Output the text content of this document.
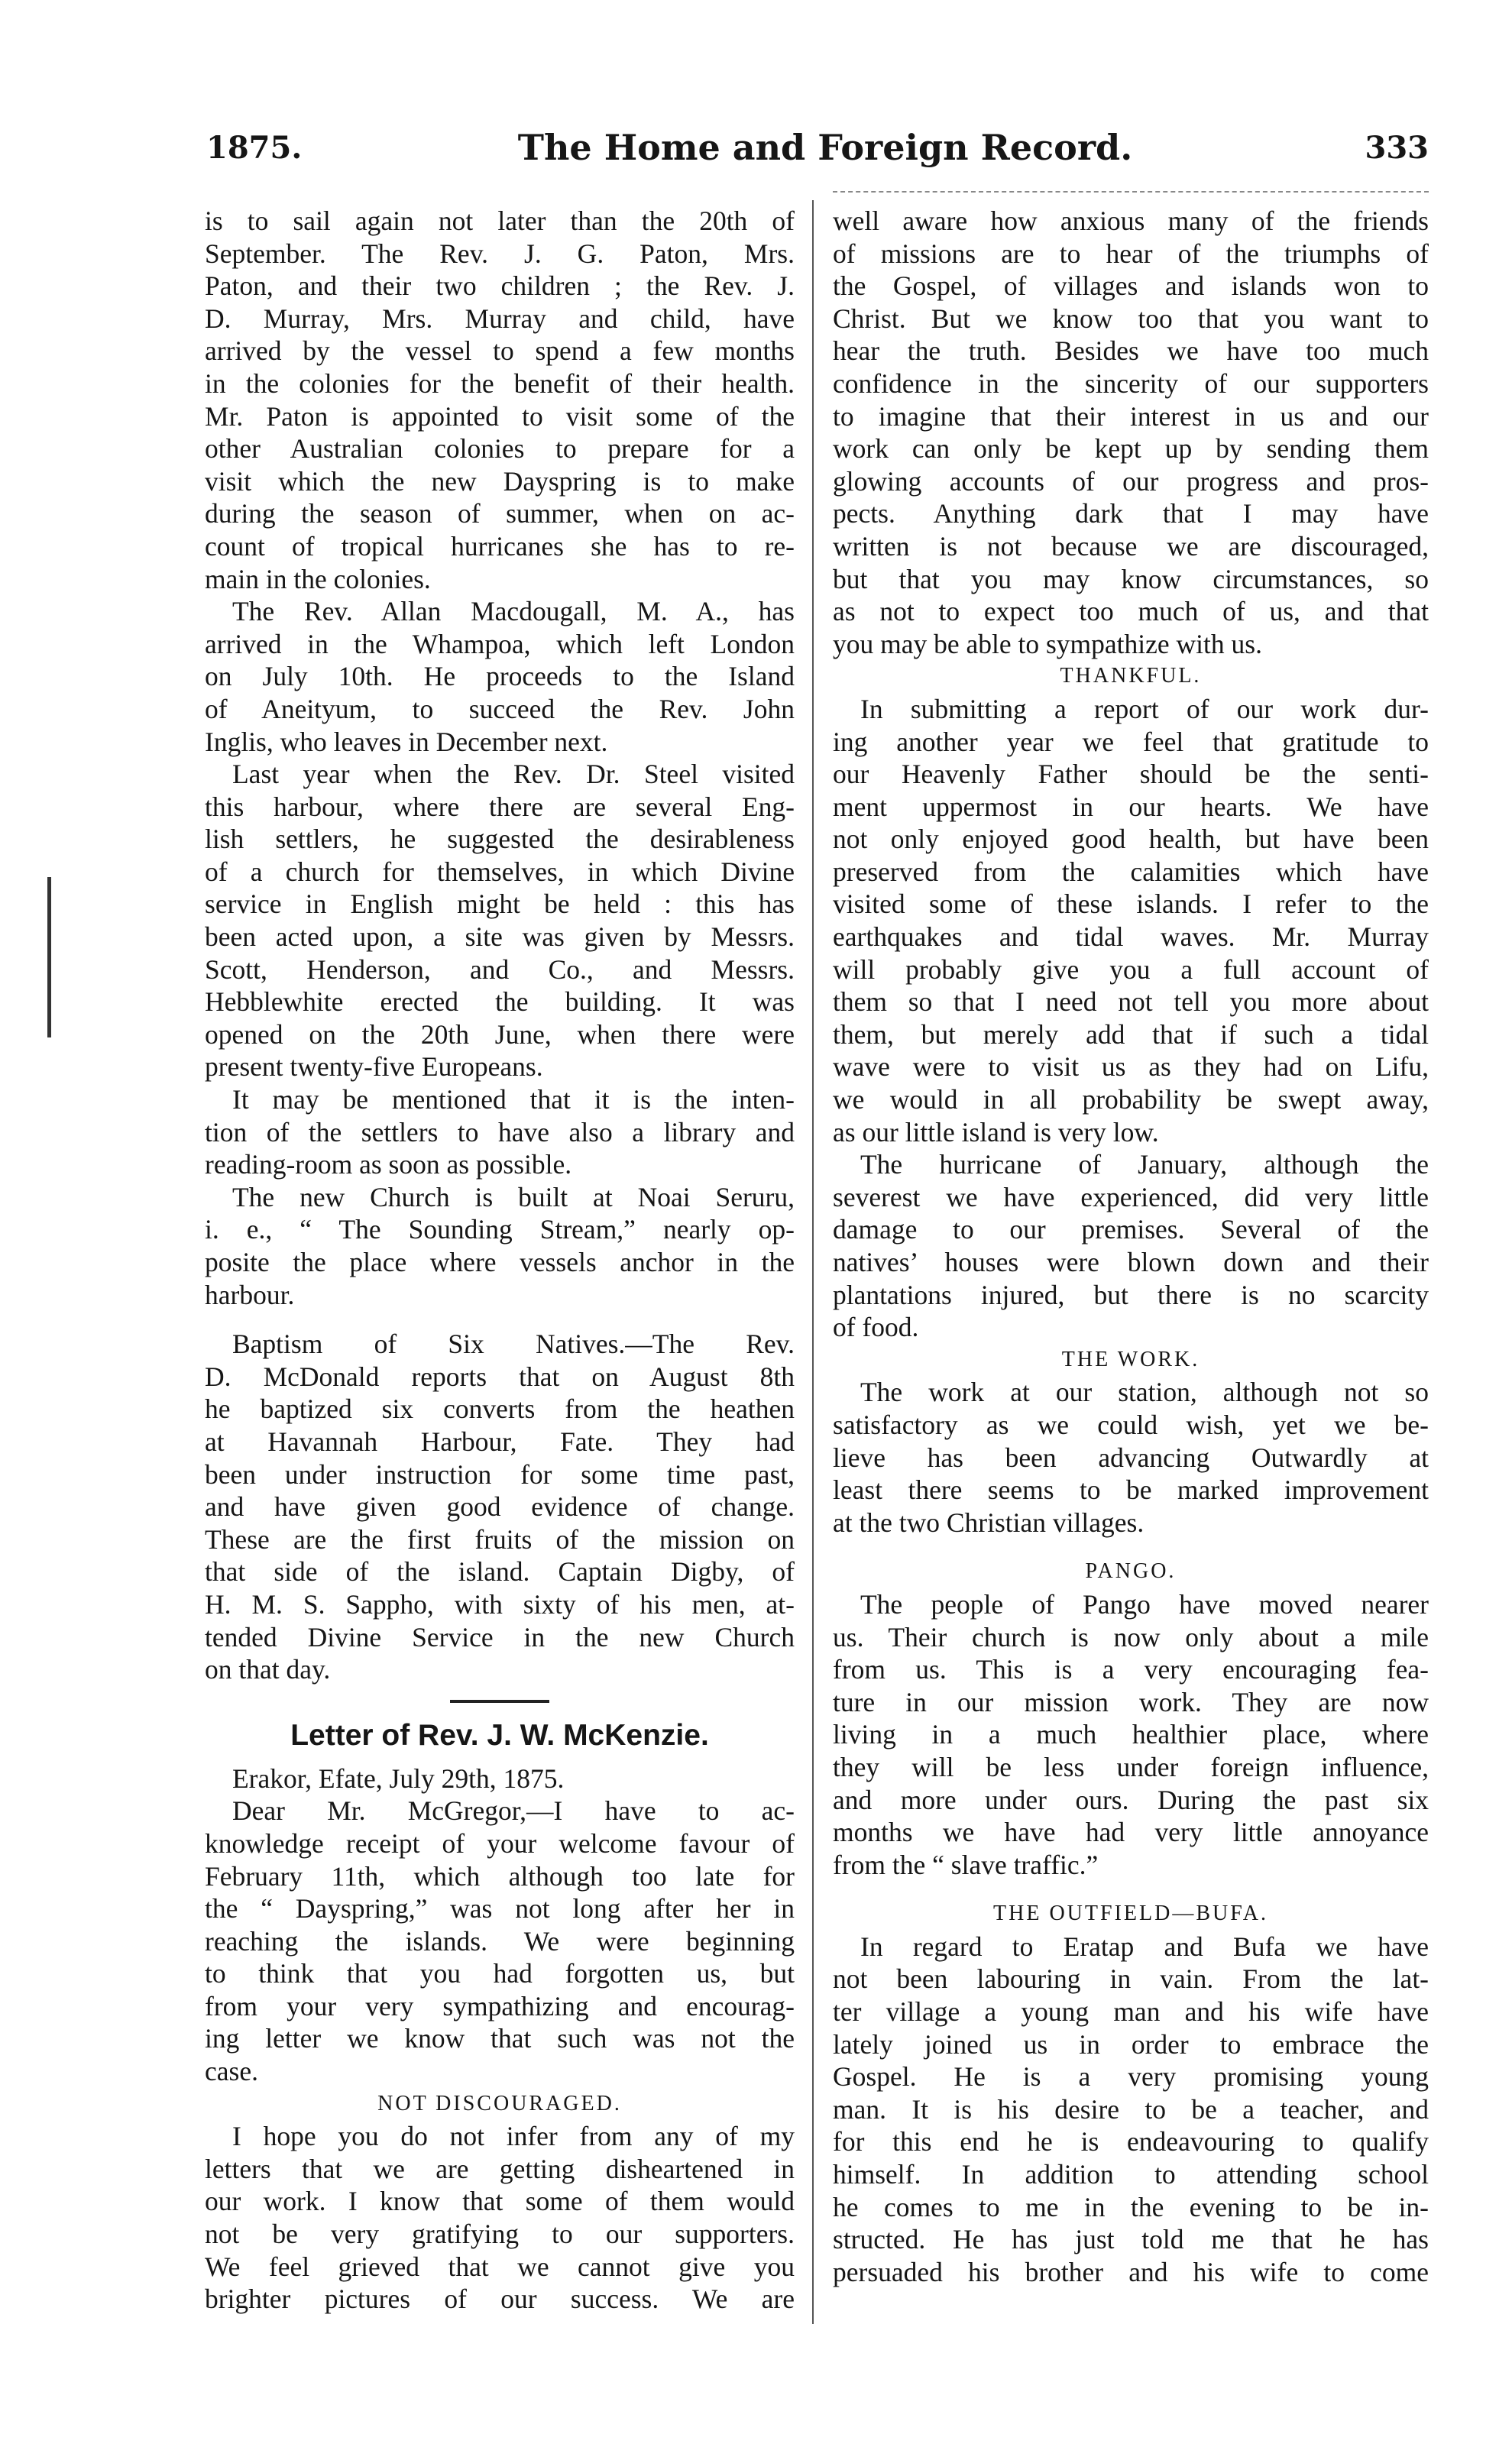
1875.	The Home and Foreign Record.	333
is to sail again not later than the 20th of
September. The Rev. J. G. Paton, Mrs.
Paton, and their two children ; the Rev. J.
D. Murray, Mrs. Murray and child, have
arrived by the vessel to spend a few months
in the colonies for the benefit of their health.
Mr. Paton is appointed to visit some of the
other Australian colonies to prepare for a
visit which the new Dayspring is to make
during the season of summer, when on ac-
count of tropical hurricanes she has to re-
main in the colonies.
The Rev. Allan Macdougall, M. A., has
arrived in the Whampoa, which left London
on July 10th. He proceeds to the Island
of Aneityum, to succeed the Rev. John
Inglis, who leaves in December next.
Last year when the Rev. Dr. Steel visited
this harbour, where there are several Eng-
lish settlers, he suggested the desirableness
of a church for themselves, in which Divine
service in English might be held : this has
been acted upon, a site was given by Messrs.
Scott, Henderson, and Co., and Messrs.
Hebblewhite erected the building. It was
opened on the 20th June, when there were
present twenty-five Europeans.
It may be mentioned that it is the inten-
tion of the settlers to have also a library and
reading-room as soon as possible.
The new Church is built at Noai Seruru,
i. e., “ The Sounding Stream,” nearly op-
posite the place where vessels anchor in the
harbour.
Baptism of Six Natives.—The Rev.
D. McDonald reports that on August 8th
he baptized six converts from the heathen
at Havannah Harbour, Fate. They had
been under instruction for some time past,
and have given good evidence of change.
These are the first fruits of the mission on
that side of the island. Captain Digby, of
H. M. S. Sappho, with sixty of his men, at-
tended Divine Service in the new Church
on that day.
Letter of Rev. J. W. McKenzie.
Erakor, Efate, July 29th, 1875.
Dear Mr. McGregor,—I have to ac-
knowledge receipt of your welcome favour of
February 11th, which although too late for
the “ Dayspring,” was not long after her in
reaching the islands. We were beginning
to think that you had forgotten us, but
from your very sympathizing and encourag-
ing letter we know that such was not the
case.
NOT DISCOURAGED.
I hope you do not infer from any of my
letters that we are getting disheartened in
our work. I know that some of them would
not be very gratifying to our supporters.
We feel grieved that we cannot give you
brighter pictures of our success. We are
well aware how anxious many of the friends
of missions are to hear of the triumphs of
the Gospel, of villages and islands won to
Christ. But we know too that you want to
hear the truth. Besides we have too much
confidence in the sincerity of our supporters
to imagine that their interest in us and our
work can only be kept up by sending them
glowing accounts of our progress and pros-
pects. Anything dark that I may have
written is not because we are discouraged,
but that you may know circumstances, so
as not to expect too much of us, and that
you may be able to sympathize with us.
THANKFUL.
In submitting a report of our work dur-
ing another year we feel that gratitude to
our Heavenly Father should be the senti-
ment uppermost in our hearts. We have
not only enjoyed good health, but have been
preserved from the calamities which have
visited some of these islands. I refer to the
earthquakes and tidal waves. Mr. Murray
will probably give you a full account of
them so that I need not tell you more about
them, but merely add that if such a tidal
wave were to visit us as they had on Lifu,
we would in all probability be swept away,
as our little island is very low.
The hurricane of January, although the
severest we have experienced, did very little
damage to our premises. Several of the
natives’ houses were blown down and their
plantations injured, but there is no scarcity
of food.
THE WORK.
The work at our station, although not so
satisfactory as we could wish, yet we be-
lieve has been advancing Outwardly at
least there seems to be marked improvement
at the two Christian villages.
PANGO.
The people of Pango have moved nearer
us. Their church is now only about a mile
from us. This is a very encouraging fea-
ture in our mission work. They are now
living in a much healthier place, where
they will be less under foreign influence,
and more under ours. During the past six
months we have had very little annoyance
from the “ slave traffic.”
THE OUTFIELD—BUFA.
In regard to Eratap and Bufa we have
not been labouring in vain. From the lat-
ter village a young man and his wife have
lately joined us in order to embrace the
Gospel. He is a very promising young
man. It is his desire to be a teacher, and
for this end he is endeavouring to qualify
himself. In addition to attending school
he comes to me in the evening to be in-
structed. He has just told me that he has
persuaded his brother and his wife to come
